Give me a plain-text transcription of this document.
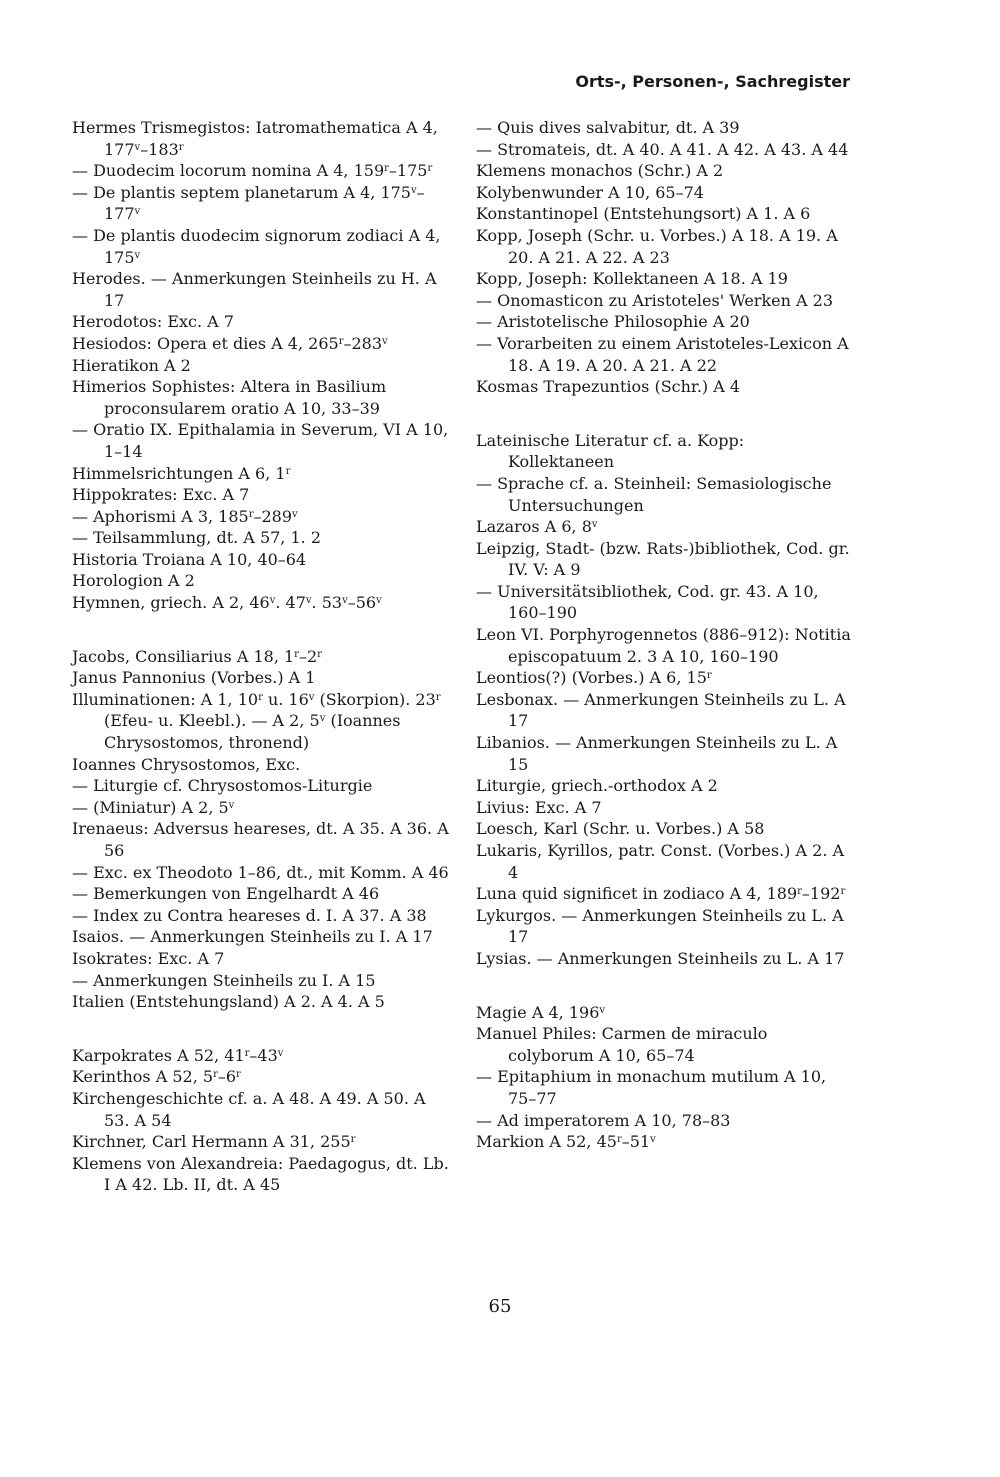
Orts-, Personen-, Sachregister
Hermes Trismegistos: Iatromathematica A 4, 177$^v$–183$^r$
— Duodecim locorum nomina A 4, 159$^r$–175$^r$
— De plantis septem planetarum A 4, 175$^v$–177$^v$
— De plantis duodecim signorum zodiaci A 4, 175$^v$
Herodes. — Anmerkungen Steinheils zu H. A 17
Herodotos: Exc. A 7
Hesiodos: Opera et dies A 4, 265$^r$–283$^v$
Hieratikon A 2
Himerios Sophistes: Altera in Basilium proconsularem oratio A 10, 33–39
— Oratio IX. Epithalamia in Severum, VI A 10, 1–14
Himmelsrichtungen A 6, 1$^r$
Hippokrates: Exc. A 7
— Aphorismi A 3, 185$^r$–289$^v$
— Teilsammlung, dt. A 57, 1. 2
Historia Troiana A 10, 40–64
Horologion A 2
Hymnen, griech. A 2, 46$^v$. 47$^v$. 53$^v$–56$^v$
Jacobs, Consiliarius A 18, 1$^r$–2$^r$
Janus Pannonius (Vorbes.) A 1
Illuminationen: A 1, 10$^r$ u. 16$^v$ (Skorpion). 23$^r$ (Efeu- u. Kleebl.). — A 2, 5$^v$ (Ioannes Chrysostomos, thronend)
Ioannes Chrysostomos, Exc.
— Liturgie cf. Chrysostomos-Liturgie
— (Miniatur) A 2, 5$^v$
Irenaeus: Adversus heareses, dt. A 35. A 36. A 56
— Exc. ex Theodoto 1–86, dt., mit Komm. A 46
— Bemerkungen von Engelhardt A 46
— Index zu Contra heareses d. I. A 37. A 38
Isaios. — Anmerkungen Steinheils zu I. A 17
Isokrates: Exc. A 7
— Anmerkungen Steinheils zu I. A 15
Italien (Entstehungsland) A 2. A 4. A 5
Karpokrates A 52, 41$^r$–43$^v$
Kerinthos A 52, 5$^r$–6$^r$
Kirchengeschichte cf. a. A 48. A 49. A 50. A 53. A 54
Kirchner, Carl Hermann A 31, 255$^r$
Klemens von Alexandreia: Paedagogus, dt. Lb. I A 42. Lb. II, dt. A 45
— Quis dives salvabitur, dt. A 39
— Stromateis, dt. A 40. A 41. A 42. A 43. A 44
Klemens monachos (Schr.) A 2
Kolybenwunder A 10, 65–74
Konstantinopel (Entstehungsort) A 1. A 6
Kopp, Joseph (Schr. u. Vorbes.) A 18. A 19. A 20. A 21. A 22. A 23
Kopp, Joseph: Kollektaneen A 18. A 19
— Onomasticon zu Aristoteles' Werken A 23
— Aristotelische Philosophie A 20
— Vorarbeiten zu einem Aristoteles-Lexicon A 18. A 19. A 20. A 21. A 22
Kosmas Trapezuntios (Schr.) A 4
Lateinische Literatur cf. a. Kopp: Kollektaneen
— Sprache cf. a. Steinheil: Semasiologische Untersuchungen
Lazaros A 6, 8$^v$
Leipzig, Stadt- (bzw. Rats-)bibliothek, Cod. gr. IV. V: A 9
— Universitätsibliothek, Cod. gr. 43. A 10, 160–190
Leon VI. Porphyrogennetos (886–912): Notitia episcopatuum 2. 3 A 10, 160–190
Leontios(?) (Vorbes.) A 6, 15$^r$
Lesbonax. — Anmerkungen Steinheils zu L. A 17
Libanios. — Anmerkungen Steinheils zu L. A 15
Liturgie, griech.-orthodox A 2
Livius: Exc. A 7
Loesch, Karl (Schr. u. Vorbes.) A 58
Lukaris, Kyrillos, patr. Const. (Vorbes.) A 2. A 4
Luna quid significet in zodiaco A 4, 189$^r$–192$^r$
Lykurgos. — Anmerkungen Steinheils zu L. A 17
Lysias. — Anmerkungen Steinheils zu L. A 17
Magie A 4, 196$^v$
Manuel Philes: Carmen de miraculo colyborum A 10, 65–74
— Epitaphium in monachum mutilum A 10, 75–77
— Ad imperatorem A 10, 78–83
Markion A 52, 45$^r$–51$^v$
65
